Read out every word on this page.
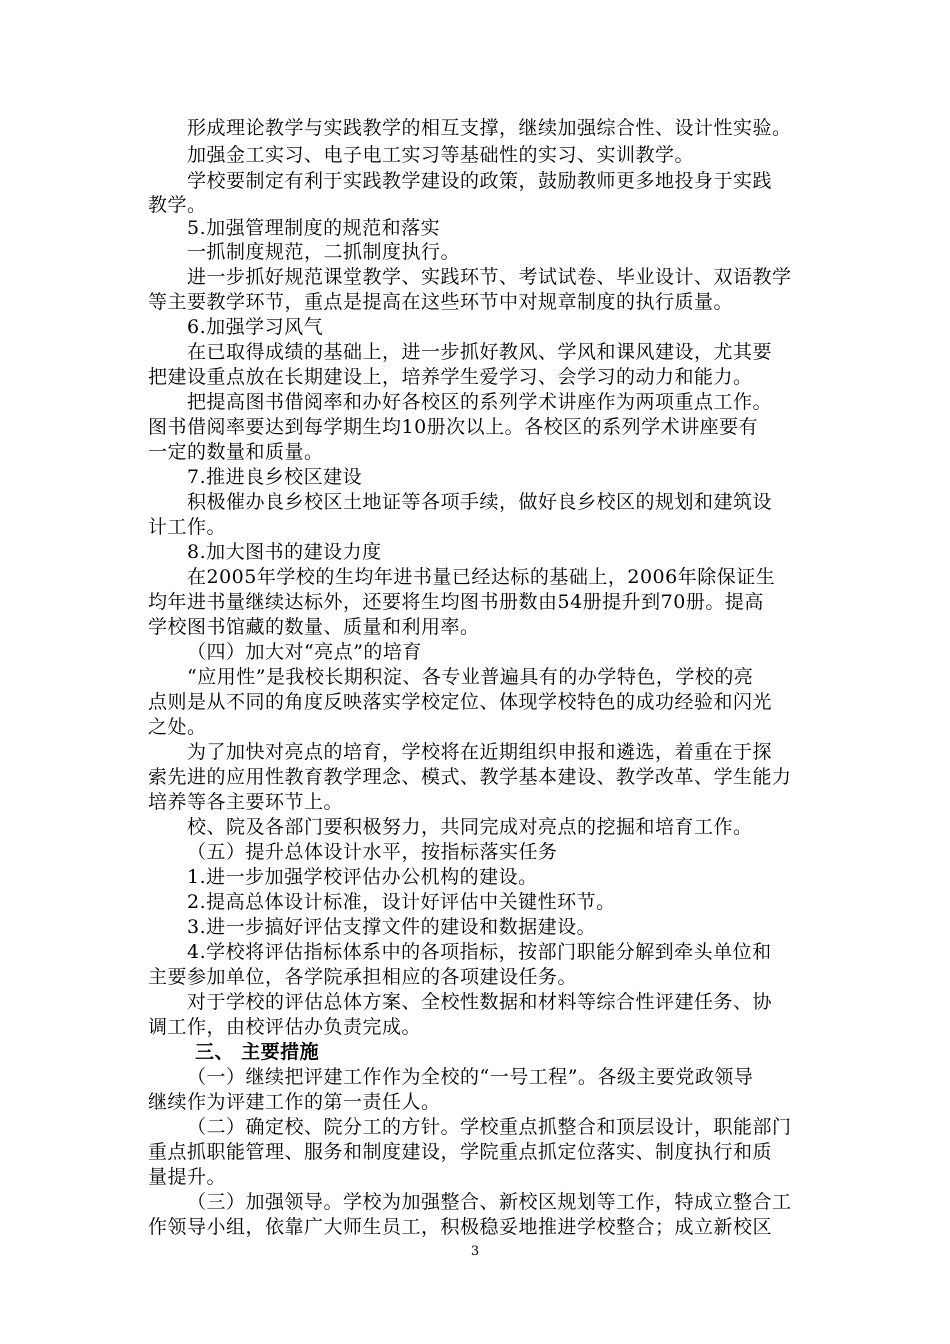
形成理论教学与实践教学的相互支撑，继续加强综合性、设计性实验。
加强金工实习、电子电工实习等基础性的实习、实训教学。
学校要制定有利于实践教学建设的政策，鼓励教师更多地投身于实践
教学。
5.加强管理制度的规范和落实
一抓制度规范，二抓制度执行。
进一步抓好规范课堂教学、实践环节、考试试卷、毕业设计、双语教学
等主要教学环节，重点是提高在这些环节中对规章制度的执行质量。
6.加强学习风气
在已取得成绩的基础上，进一步抓好教风、学风和课风建设，尤其要
把建设重点放在长期建设上，培养学生爱学习、会学习的动力和能力。
把提高图书借阅率和办好各校区的系列学术讲座作为两项重点工作。
图书借阅率要达到每学期生均10册次以上。各校区的系列学术讲座要有
一定的数量和质量。
7.推进良乡校区建设
积极催办良乡校区土地证等各项手续，做好良乡校区的规划和建筑设
计工作。
8.加大图书的建设力度
在2005年学校的生均年进书量已经达标的基础上，2006年除保证生
均年进书量继续达标外，还要将生均图书册数由54册提升到70册。提高
学校图书馆藏的数量、质量和利用率。
（四）加大对“亮点”的培育
“应用性”是我校长期积淀、各专业普遍具有的办学特色，学校的亮
点则是从不同的角度反映落实学校定位、体现学校特色的成功经验和闪光
之处。
为了加快对亮点的培育，学校将在近期组织申报和遴选，着重在于探
索先进的应用性教育教学理念、模式、教学基本建设、教学改革、学生能力
培养等各主要环节上。
校、院及各部门要积极努力，共同完成对亮点的挖掘和培育工作。
（五）提升总体设计水平，按指标落实任务
1.进一步加强学校评估办公机构的建设。
2.提高总体设计标准，设计好评估中关键性环节。
3.进一步搞好评估支撑文件的建设和数据建设。
4.学校将评估指标体系中的各项指标，按部门职能分解到牵头单位和
主要参加单位，各学院承担相应的各项建设任务。
对于学校的评估总体方案、全校性数据和材料等综合性评建任务、协
调工作，由校评估办负责完成。
三、 主要措施
（一）继续把评建工作作为全校的“一号工程”。各级主要党政领导
继续作为评建工作的第一责任人。
（二）确定校、院分工的方针。学校重点抓整合和顶层设计，职能部门
重点抓职能管理、服务和制度建设，学院重点抓定位落实、制度执行和质
量提升。
（三）加强领导。学校为加强整合、新校区规划等工作，特成立整合工
作领导小组，依靠广大师生员工，积极稳妥地推进学校整合；成立新校区
3
